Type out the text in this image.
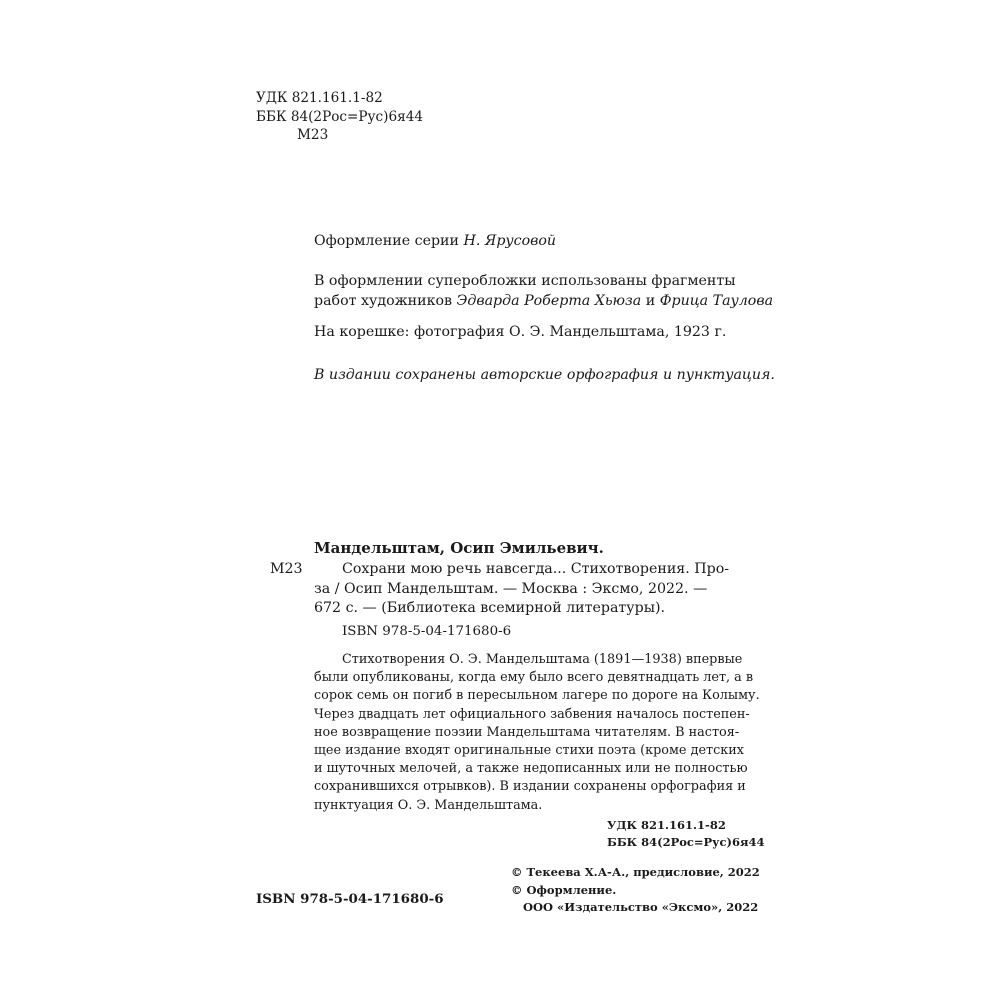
УДК 821.161.1-82
ББК 84(2Рос=Рус)6я44
М23
Оформление серии Н. Ярусовой
В оформлении суперобложки использованы фрагменты
работ художников Эдварда Роберта Хьюза и Фрица Таулова
На корешке: фотография О. Э. Мандельштама, 1923 г.
В издании сохранены авторские орфография и пунктуация.
Мандельштам, Осип Эмильевич.
М23	Сохрани мою речь навсегда... Стихотворения. Про-
за / Осип Мандельштам. — Москва : Эксмо, 2022. —
672 с. — (Библиотека всемирной литературы).
ISBN 978-5-04-171680-6
Стихотворения О. Э. Мандельштама (1891—1938) впервые
были опубликованы, когда ему было всего девятнадцать лет, а в
сорок семь он погиб в пересыльном лагере по дороге на Колыму.
Через двадцать лет официального забвения началось постепен-
ное возвращение поэзии Мандельштама читателям. В настоя-
щее издание входят оригинальные стихи поэта (кроме детских
и шуточных мелочей, а также недописанных или не полностью
сохранившихся отрывков). В издании сохранены орфография и
пунктуация О. Э. Мандельштама.
УДК 821.161.1-82
ББК 84(2Рос=Рус)6я44
ISBN 978-5-04-171680-6
© Текеева Х.А-А., предисловие, 2022
© Оформление.
ООО «Издательство «Эксмо», 2022
